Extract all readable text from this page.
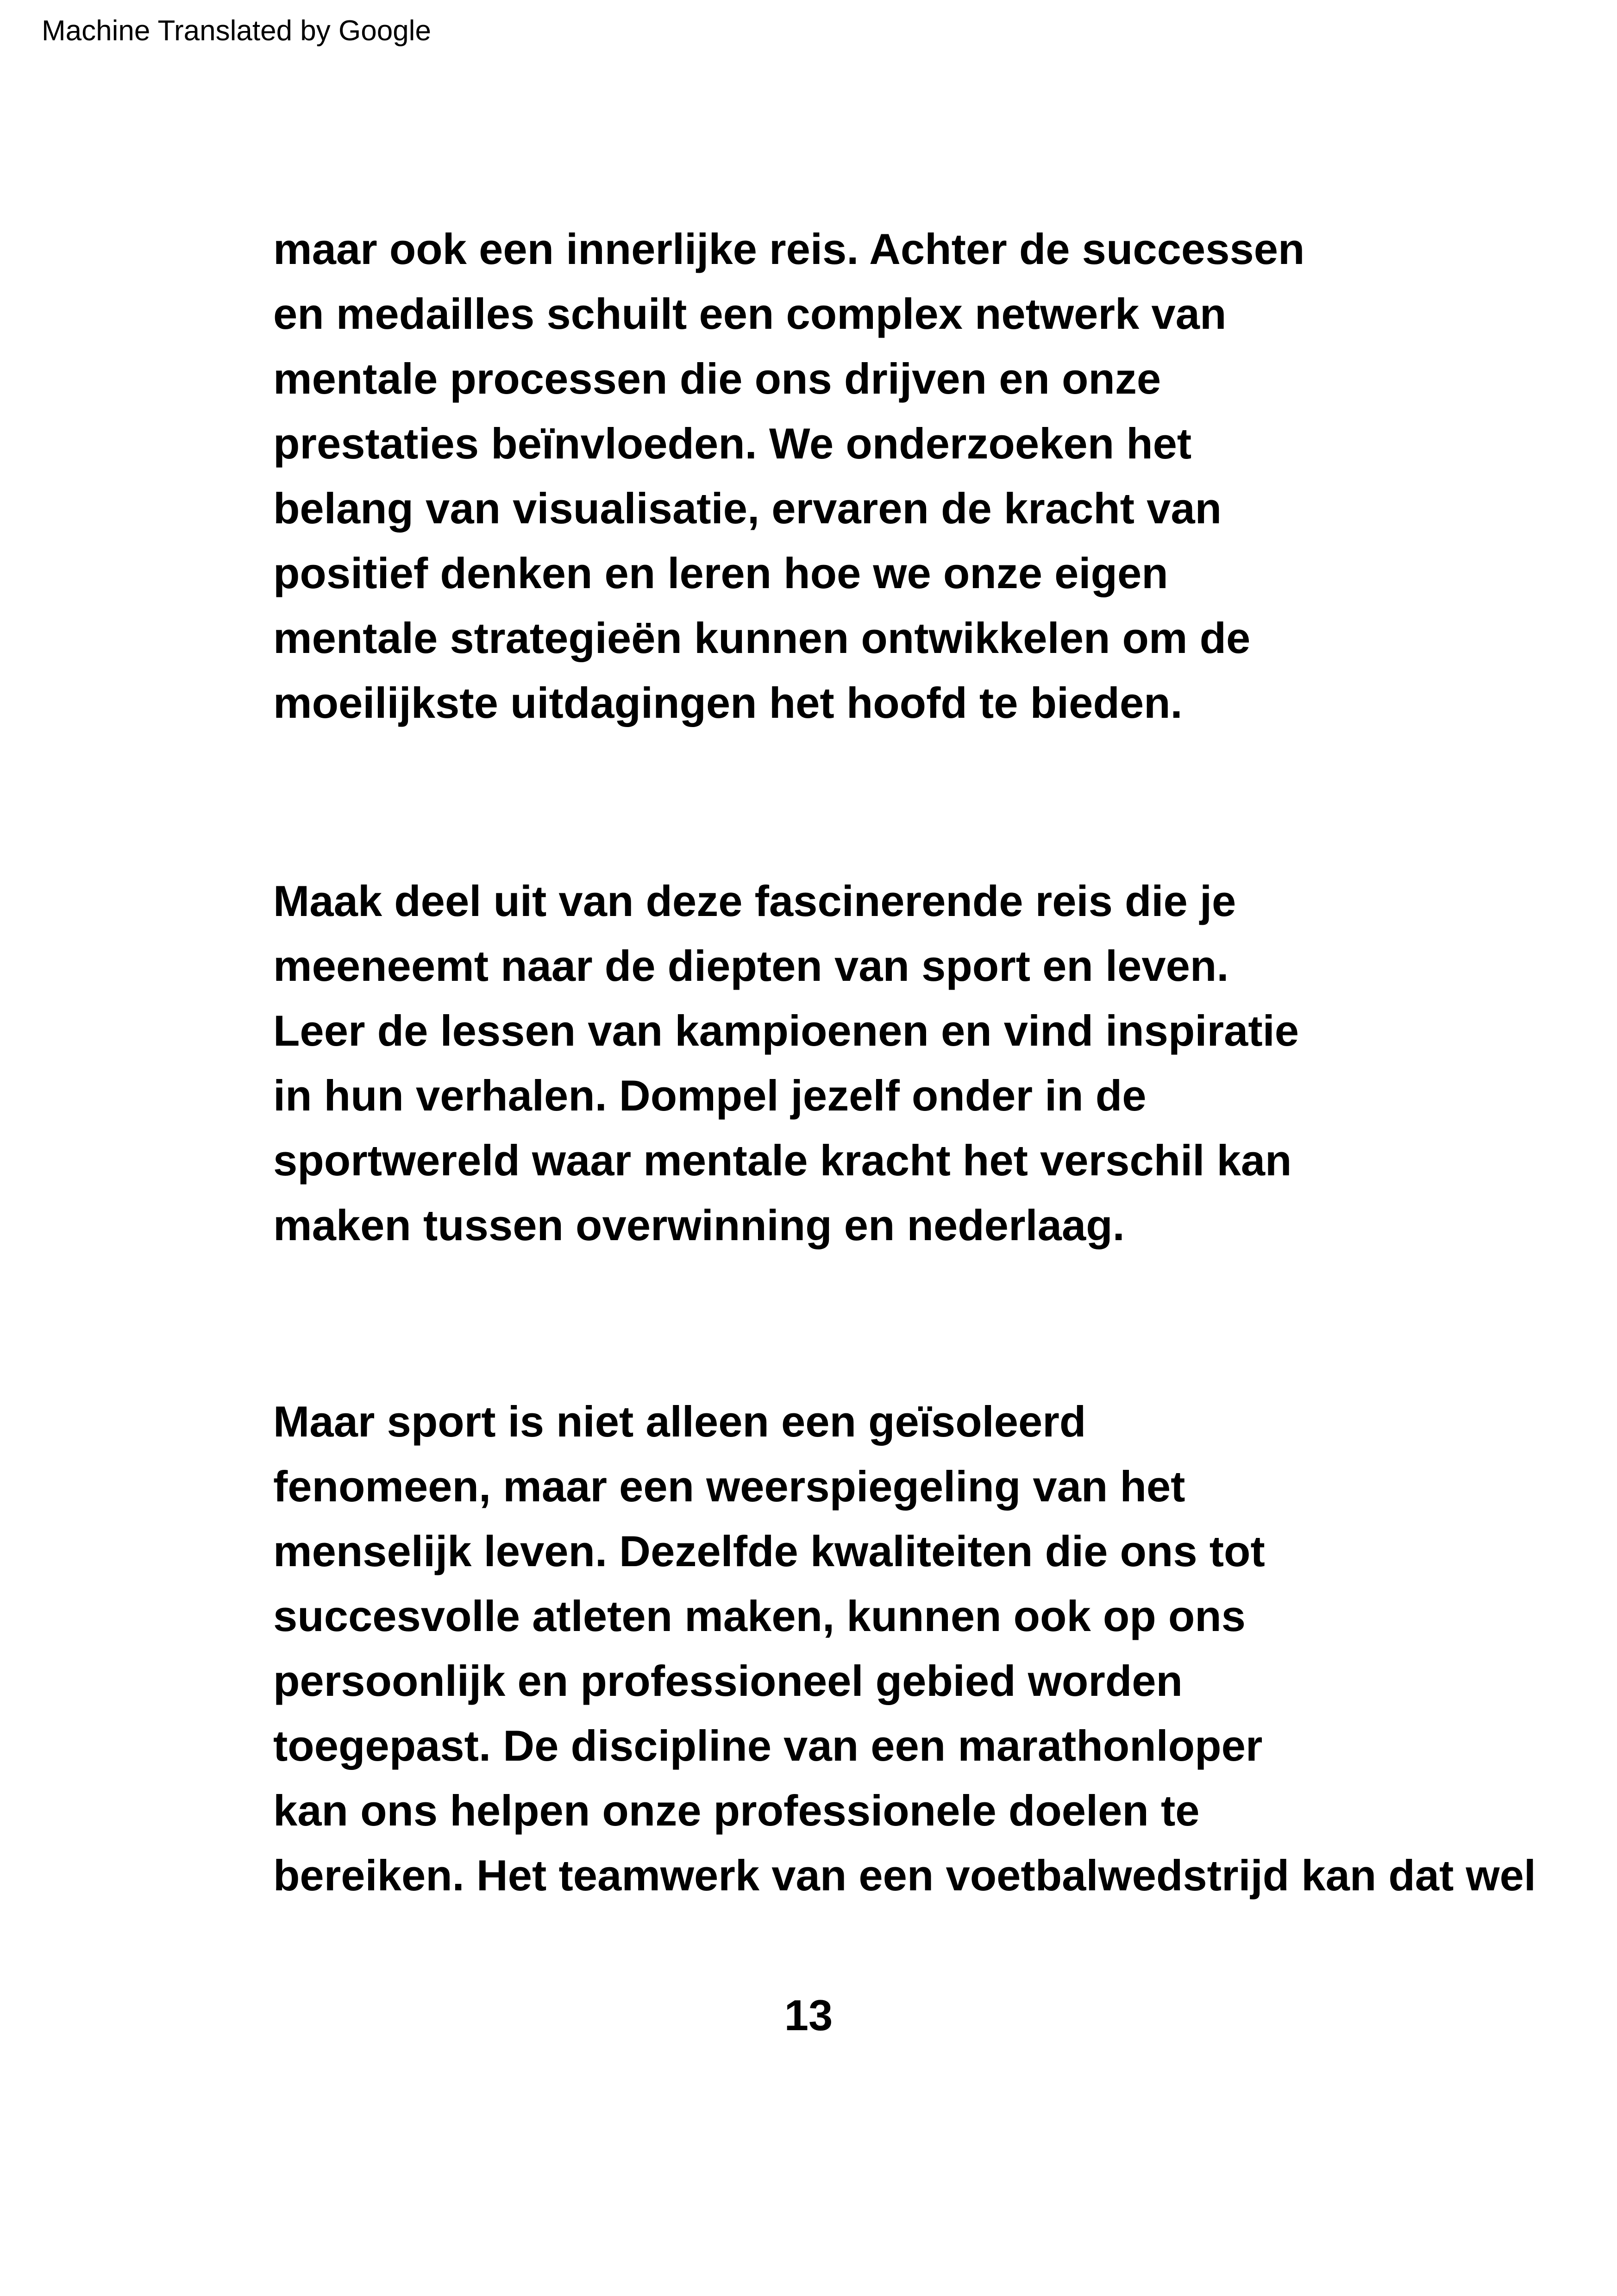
Machine Translated by Google
maar ook een innerlijke reis. Achter de successen
en medailles schuilt een complex netwerk van
mentale processen die ons drijven en onze
prestaties beïnvloeden. We onderzoeken het
belang van visualisatie, ervaren de kracht van
positief denken en leren hoe we onze eigen
mentale strategieën kunnen ontwikkelen om de
moeilijkste uitdagingen het hoofd te bieden.
Maak deel uit van deze fascinerende reis die je
meeneemt naar de diepten van sport en leven.
Leer de lessen van kampioenen en vind inspiratie
in hun verhalen. Dompel jezelf onder in de
sportwereld waar mentale kracht het verschil kan
maken tussen overwinning en nederlaag.
Maar sport is niet alleen een geïsoleerd
fenomeen, maar een weerspiegeling van het
menselijk leven. Dezelfde kwaliteiten die ons tot
succesvolle atleten maken, kunnen ook op ons
persoonlijk en professioneel gebied worden
toegepast. De discipline van een marathonloper
kan ons helpen onze professionele doelen te
bereiken. Het teamwerk van een voetbalwedstrijd kan dat wel
13
